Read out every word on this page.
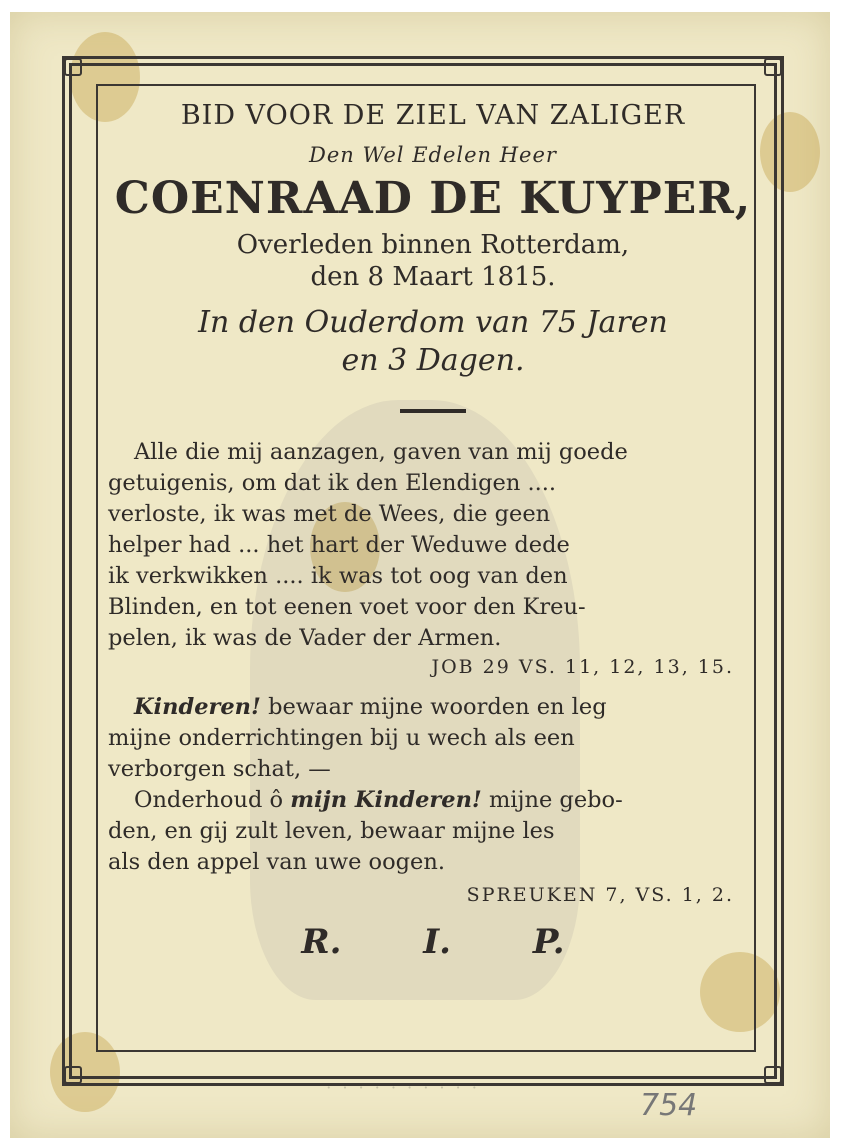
BID VOOR DE ZIEL VAN ZALIGER
Den Wel Edelen Heer
COENRAAD DE KUYPER,
Overleden binnen Rotterdam,
den 8 Maart 1815.
In den Ouderdom van 75 Jaren
en 3 Dagen.

Alle die mij aanzagen, gaven van mij goede
getuigenis, om dat ik den Elendigen ....
verloste, ik was met de Wees, die geen
helper had ... het hart der Weduwe dede
ik verkwikken .... ik was tot oog van den
Blinden, en tot eenen voet voor den Kreu-
pelen, ik was de Vader der Armen.

JOB 29 VS. 11, 12, 13, 15.

Kinderen! bewaar mijne woorden en leg
mijne onderrichtingen bij u wech als een
verborgen schat, —
Onderhoud ô mijn Kinderen! mijne gebo-
den, en gij zult leven, bewaar mijne les
als den appel van uwe oogen.

SPREUKEN 7, VS. 1, 2.
R. I. P.
· · · · · · · · · ·
754
